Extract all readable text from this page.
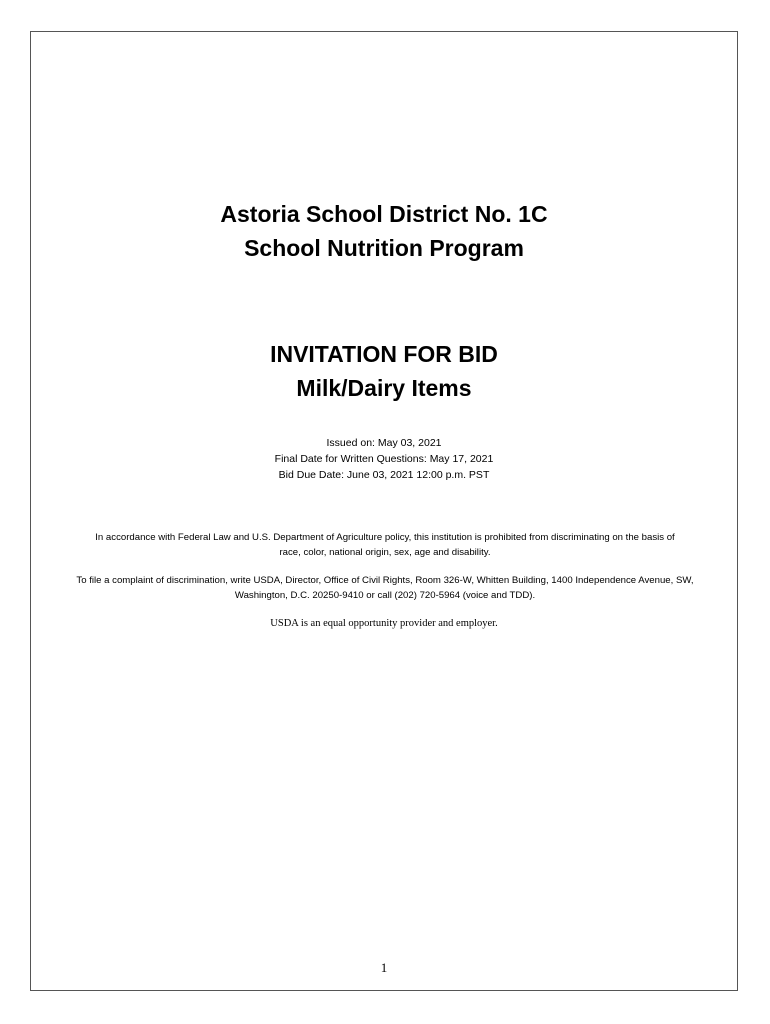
Astoria School District No. 1C
School Nutrition Program
INVITATION FOR BID
Milk/Dairy Items
Issued on: May 03, 2021
Final Date for Written Questions: May 17, 2021
Bid Due Date: June 03, 2021 12:00 p.m. PST
In accordance with Federal Law and U.S. Department of Agriculture policy, this institution is prohibited from discriminating on the basis of race, color, national origin, sex, age and disability.
To file a complaint of discrimination, write USDA, Director, Office of Civil Rights, Room 326-W, Whitten Building, 1400 Independence Avenue, SW, Washington, D.C. 20250-9410 or call (202) 720-5964 (voice and TDD).
USDA is an equal opportunity provider and employer.
1
